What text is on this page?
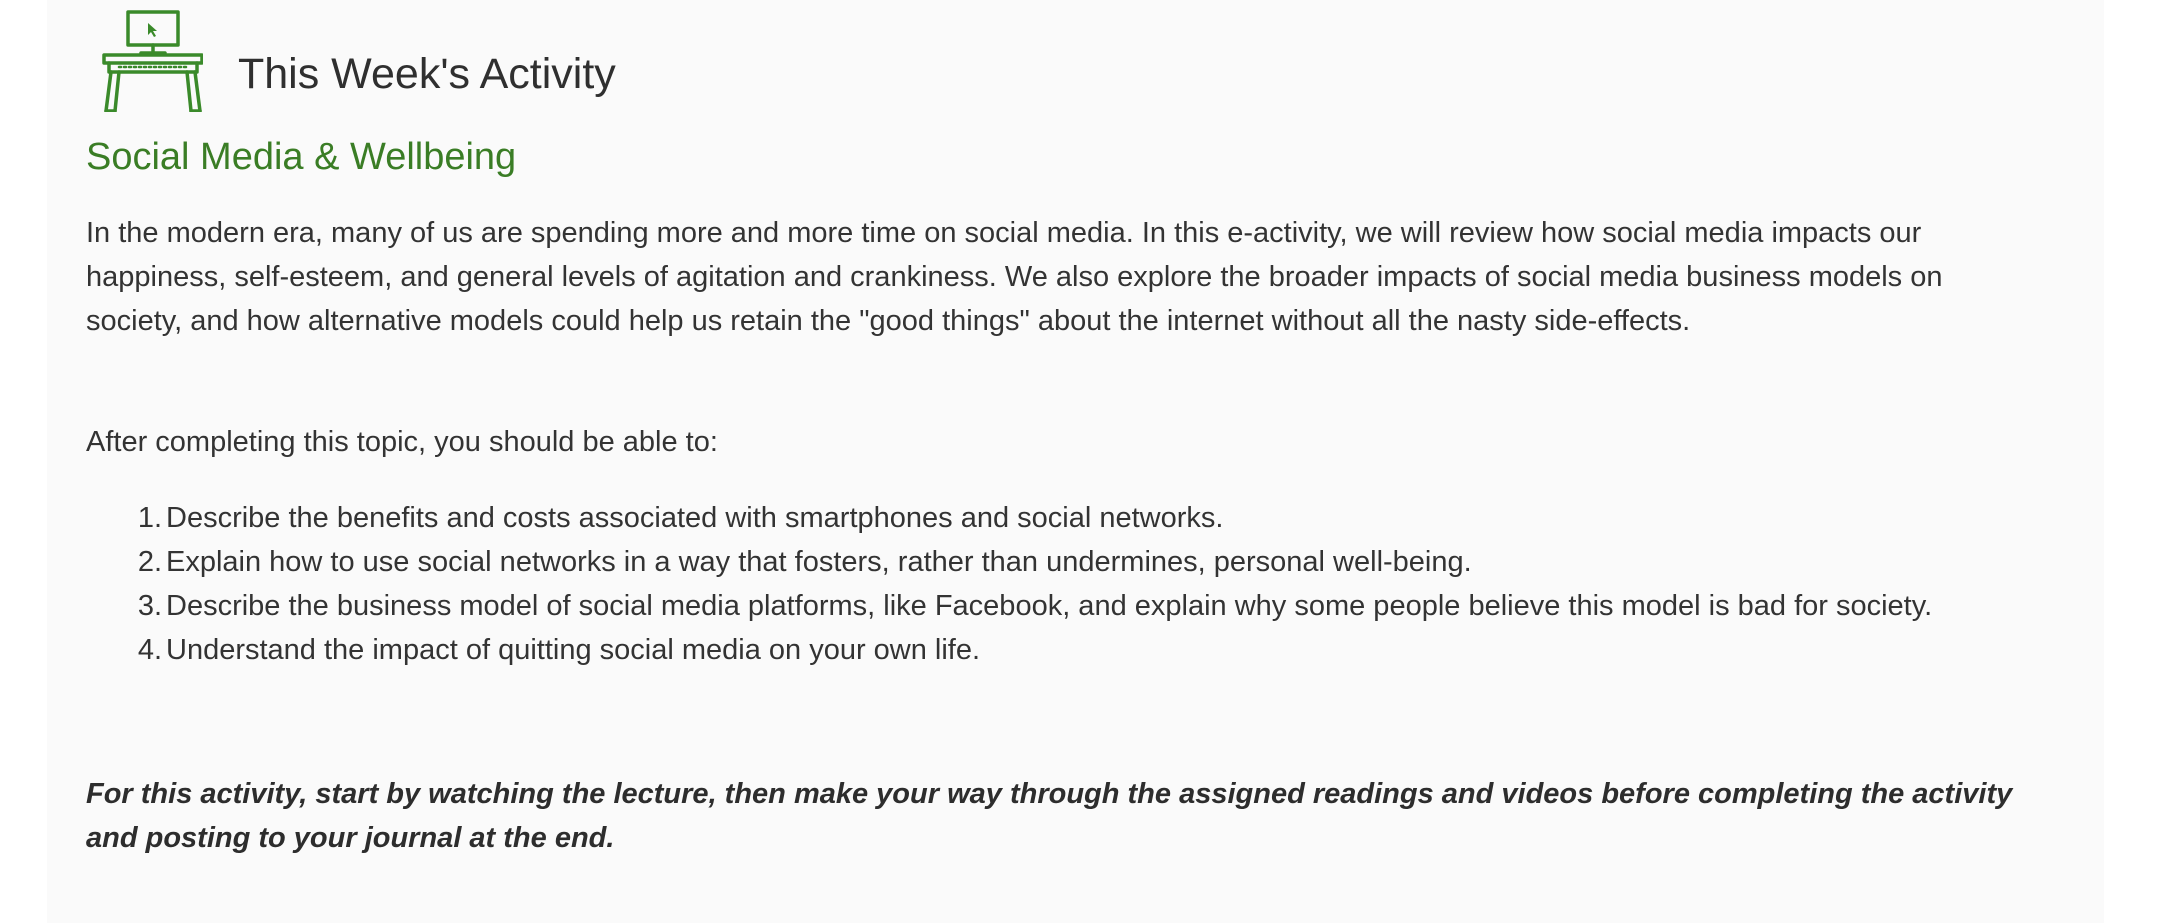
This Week's Activity
Social Media & Wellbeing

In the modern era, many of us are spending more and more time on social media. In this e-activity, we will review how social media impacts our happiness, self-esteem, and general levels of agitation and crankiness. We also explore the broader impacts of social media business models on society, and how alternative models could help us retain the "good things" about the internet without all the nasty side-effects.

After completing this topic, you should be able to:

1. Describe the benefits and costs associated with smartphones and social networks.
2. Explain how to use social networks in a way that fosters, rather than undermines, personal well-being.
3. Describe the business model of social media platforms, like Facebook, and explain why some people believe this model is bad for society.
4. Understand the impact of quitting social media on your own life.

For this activity, start by watching the lecture, then make your way through the assigned readings and videos before completing the activity and posting to your journal at the end.
